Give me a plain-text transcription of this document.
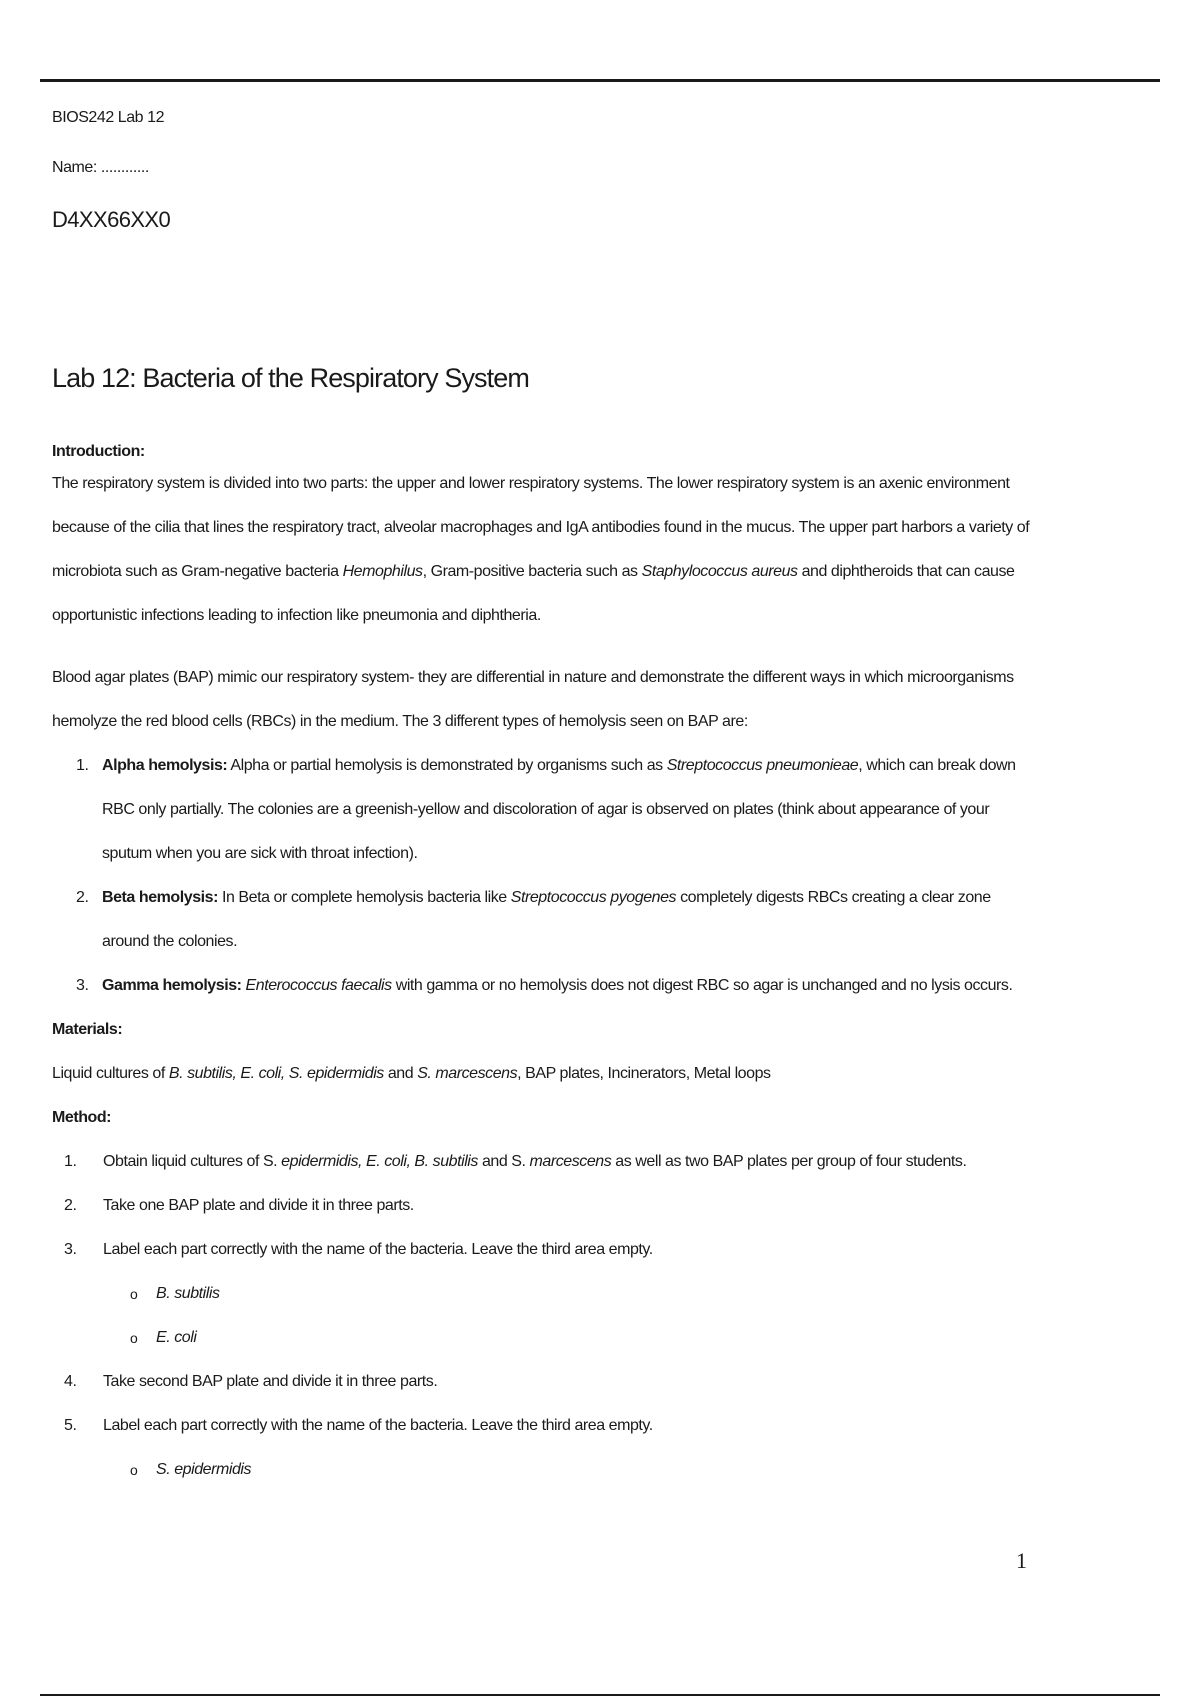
BIOS242 Lab 12

Name: ............

D4XX66XX0

Lab 12: Bacteria of the Respiratory System

Introduction:

The respiratory system is divided into two parts: the upper and lower respiratory systems. The lower respiratory system is an axenic environment because of the cilia that lines the respiratory tract, alveolar macrophages and IgA antibodies found in the mucus. The upper part harbors a variety of microbiota such as Gram-negative bacteria Hemophilus, Gram-positive bacteria such as Staphylococcus aureus and diphtheroids that can cause opportunistic infections leading to infection like pneumonia and diphtheria.

Blood agar plates (BAP) mimic our respiratory system- they are differential in nature and demonstrate the different ways in which microorganisms hemolyze the red blood cells (RBCs) in the medium. The 3 different types of hemolysis seen on BAP are:

1. Alpha hemolysis: Alpha or partial hemolysis is demonstrated by organisms such as Streptococcus pneumonieae, which can break down RBC only partially. The colonies are a greenish-yellow and discoloration of agar is observed on plates (think about appearance of your sputum when you are sick with throat infection).
2. Beta hemolysis: In Beta or complete hemolysis bacteria like Streptococcus pyogenes completely digests RBCs creating a clear zone around the colonies.
3. Gamma hemolysis: Enterococcus faecalis with gamma or no hemolysis does not digest RBC so agar is unchanged and no lysis occurs.

Materials:

Liquid cultures of B. subtilis, E. coli, S. epidermidis and S. marcescens, BAP plates, Incinerators, Metal loops

Method:

1. Obtain liquid cultures of S. epidermidis, E. coli, B. subtilis and S. marcescens as well as two BAP plates per group of four students.
2. Take one BAP plate and divide it in three parts.
3. Label each part correctly with the name of the bacteria. Leave the third area empty.
o B. subtilis
o E. coli
4. Take second BAP plate and divide it in three parts.
5. Label each part correctly with the name of the bacteria. Leave the third area empty.
o S. epidermidis
1
